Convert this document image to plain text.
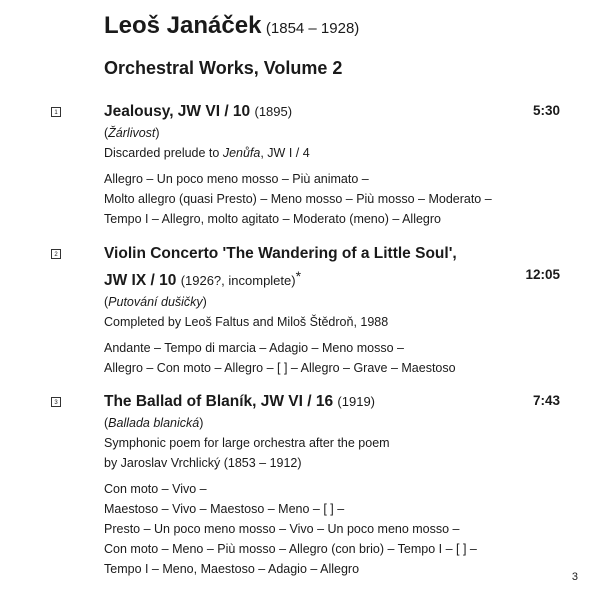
Leoš Janáček (1854 – 1928)
Orchestral Works, Volume 2
1	5:30
Jealousy, JW VI / 10 (1895)
(Žárlivost)
Discarded prelude to Jenůfa, JW I / 4
Allegro – Un poco meno mosso – Più animato –
Molto allegro (quasi Presto) – Meno mosso – Più mosso – Moderato –
Tempo I – Allegro, molto agitato – Moderato (meno) – Allegro
2
12:05
Violin Concerto 'The Wandering of a Little Soul',
JW IX / 10 (1926?, incomplete)*
(Putování dušičky)
Completed by Leoš Faltus and Miloš Štědroň, 1988
Andante – Tempo di marcia – Adagio – Meno mosso –
Allegro – Con moto – Allegro – [ ] – Allegro – Grave – Maestoso
3	7:43
The Ballad of Blaník, JW VI / 16 (1919)
(Ballada blanická)
Symphonic poem for large orchestra after the poem
by Jaroslav Vrchlický (1853 – 1912)
Con moto – Vivo –
Maestoso – Vivo – Maestoso – Meno – [ ] –
Presto – Un poco meno mosso – Vivo – Un poco meno mosso –
Con moto – Meno – Più mosso – Allegro (con brio) – Tempo I – [ ] –
Tempo I – Meno, Maestoso – Adagio – Allegro
3
